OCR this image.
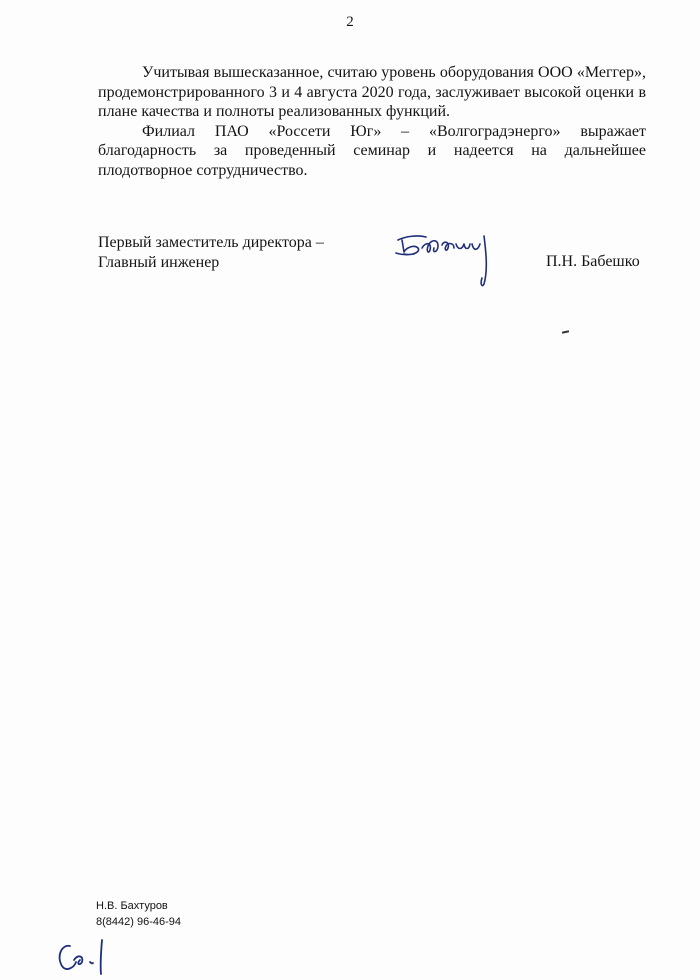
2

Учитывая вышесказанное, считаю уровень оборудования ООО «Меггер», продемонстрированного 3 и 4 августа 2020 года, заслуживает высокой оценки в плане качества и полноты реализованных функций.

Филиал ПАО «Россети Юг» – «Волгоградэнерго» выражает благодарность за проведенный семинар и надеется на дальнейшее плодотворное сотрудничество.

Первый заместитель директора –
Главный инженер	П.Н. Бабешко
Н.В. Бахтуров
8(8442) 96-46-94
